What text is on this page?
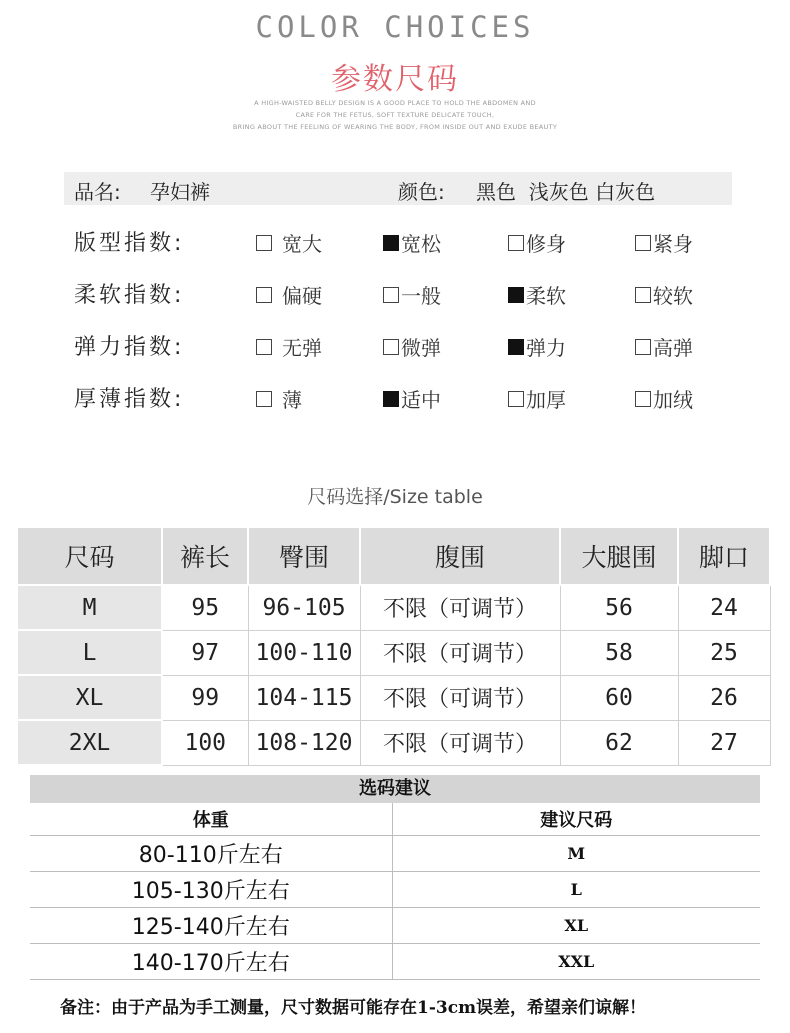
COLOR CHOICES
参数尺码
A HIGH-WAISTED BELLY DESIGN IS A GOOD PLACE TO HOLD THE ABDOMEN AND
CARE FOR THE FETUS, SOFT TEXTURE DELICATE TOUCH,
BRING ABOUT THE FEELING OF WEARING THE BODY, FROM INSIDE OUT AND EXUDE BEAUTY
品名: 孕妇裤	颜色: 黑色  浅灰色 白灰色
版型指数:	宽大	宽松	修身	紧身
柔软指数:	偏硬	一般	柔软	较软
弹力指数:	无弹	微弹	弹力	高弹
厚薄指数:	薄	适中	加厚	加绒
尺码选择/Size table
尺码	裤长	臀围	腹围	大腿围	脚口
M	95	96-105	不限（可调节）	56	24
L	97	100-110	不限（可调节）	58	25
XL	99	104-115	不限（可调节）	60	26
2XL	100	108-120	不限（可调节）	62	27
选码建议
体重	建议尺码
80-110斤左右	M
105-130斤左右	L
125-140斤左右	XL
140-170斤左右	XXL
备注：由于产品为手工测量，尺寸数据可能存在1-3cm误差，希望亲们谅解！
